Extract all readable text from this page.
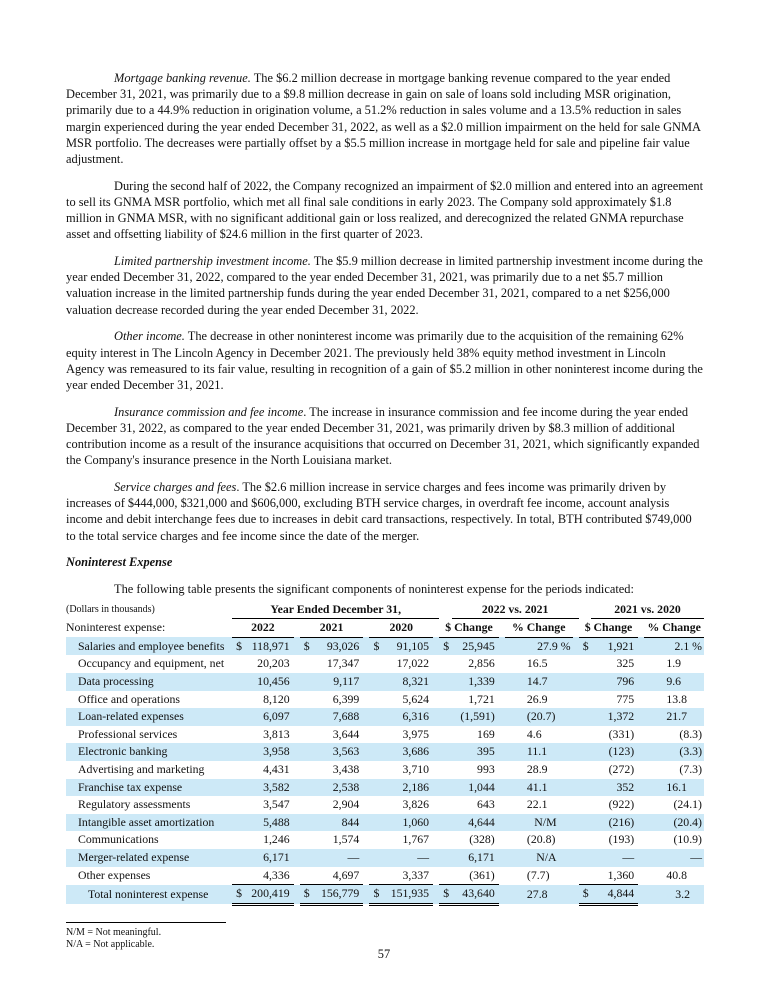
Mortgage banking revenue. The $6.2 million decrease in mortgage banking revenue compared to the year ended December 31, 2021, was primarily due to a $9.8 million decrease in gain on sale of loans sold including MSR origination, primarily due to a 44.9% reduction in origination volume, a 51.2% reduction in sales volume and a 13.5% reduction in sales margin experienced during the year ended December 31, 2022, as well as a $2.0 million impairment on the held for sale GNMA MSR portfolio. The decreases were partially offset by a $5.5 million increase in mortgage held for sale and pipeline fair value adjustment.

During the second half of 2022, the Company recognized an impairment of $2.0 million and entered into an agreement to sell its GNMA MSR portfolio, which met all final sale conditions in early 2023. The Company sold approximately $1.8 million in GNMA MSR, with no significant additional gain or loss realized, and derecognized the related GNMA repurchase asset and offsetting liability of $24.6 million in the first quarter of 2023.

Limited partnership investment income. The $5.9 million decrease in limited partnership investment income during the year ended December 31, 2022, compared to the year ended December 31, 2021, was primarily due to a net $5.7 million valuation increase in the limited partnership funds during the year ended December 31, 2021, compared to a net $256,000 valuation decrease recorded during the year ended December 31, 2022.

Other income. The decrease in other noninterest income was primarily due to the acquisition of the remaining 62% equity interest in The Lincoln Agency in December 2021. The previously held 38% equity method investment in Lincoln Agency was remeasured to its fair value, resulting in recognition of a gain of $5.2 million in other noninterest income during the year ended December 31, 2021.

Insurance commission and fee income. The increase in insurance commission and fee income during the year ended December 31, 2022, as compared to the year ended December 31, 2021, was primarily driven by $8.3 million of additional contribution income as a result of the insurance acquisitions that occurred on December 31, 2021, which significantly expanded the Company's insurance presence in the North Louisiana market.

Service charges and fees. The $2.6 million increase in service charges and fees income was primarily driven by increases of $444,000, $321,000 and $606,000, excluding BTH service charges, in overdraft fee income, account analysis income and debit interchange fees due to increases in debit card transactions, respectively. In total, BTH contributed $749,000 to the total service charges and fee income since the date of the merger.

Noninterest Expense

The following table presents the significant components of noninterest expense for the periods indicated:

(Dollars in thousands)	Year Ended December 31,										2022 vs. 2021					2021 vs. 2020		
Noninterest expense:	2022			2021			2020			$ Change			% Change		$ Change			% Change
Salaries and employee benefits	$	118,971		$	93,026		$	91,105		$	25,945		27.9 %		$	1,921		2.1 %
Occupancy and equipment, net		20,203			17,347			17,022			2,856		16.5			325		1.9
Data processing		10,456			9,117			8,321			1,339		14.7			796		9.6
Office and operations		8,120			6,399			5,624			1,721		26.9			775		13.8
Loan-related expenses		6,097			7,688			6,316			(1,591)		(20.7)			1,372		21.7
Professional services		3,813			3,644			3,975			169		4.6			(331)		(8.3)
Electronic banking		3,958			3,563			3,686			395		11.1			(123)		(3.3)
Advertising and marketing		4,431			3,438			3,710			993		28.9			(272)		(7.3)
Franchise tax expense		3,582			2,538			2,186			1,044		41.1			352		16.1
Regulatory assessments		3,547			2,904			3,826			643		22.1			(922)		(24.1)
Intangible asset amortization		5,488			844			1,060			4,644		N/M			(216)		(20.4)
Communications		1,246			1,574			1,767			(328)		(20.8)			(193)		(10.9)
Merger-related expense		6,171			—			—			6,171		N/A			—		—
Other expenses		4,336			4,697			3,337			(361)		(7.7)			1,360		40.8
Total noninterest expense	$	200,419		$	156,779		$	151,935		$	43,640		27.8		$	4,844		3.2
N/M = Not meaningful.
N/A = Not applicable.
57
